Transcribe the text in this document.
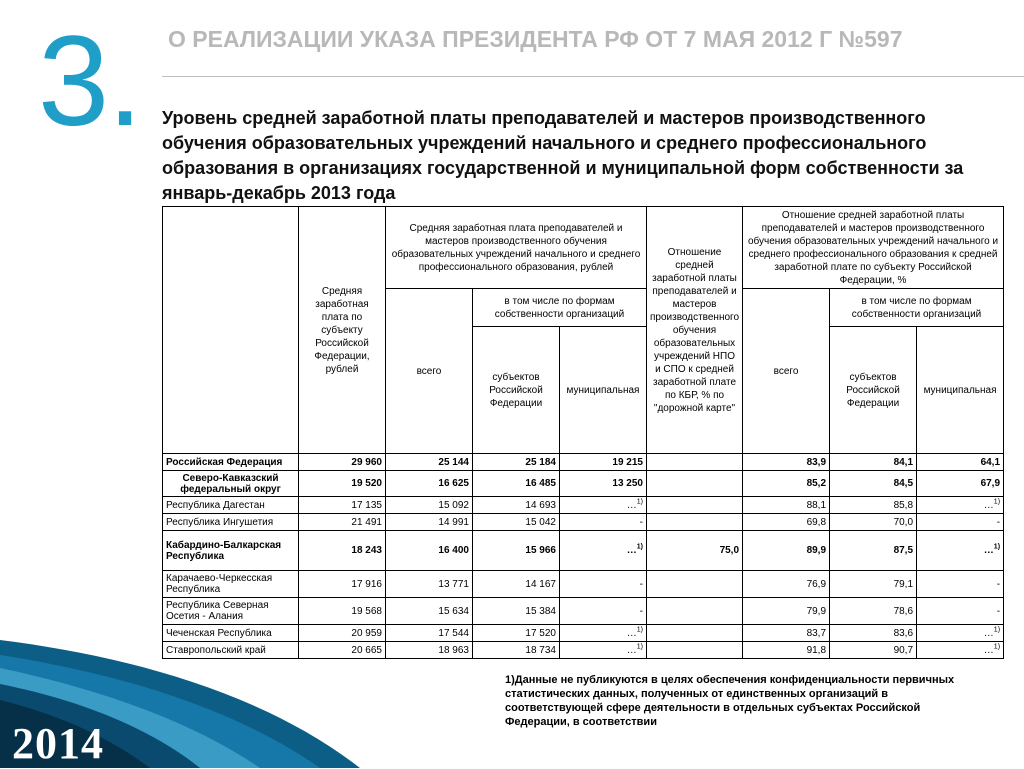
3. О РЕАЛИЗАЦИИ УКАЗА ПРЕЗИДЕНТА РФ ОТ 7 МАЯ 2012 Г №597
Уровень средней заработной платы преподавателей и мастеров производственного обучения образовательных учреждений начального и среднего профессионального образования в организациях государственной и муниципальной форм собственности за январь-декабрь 2013 года
	Средняя заработная плата по субъекту Российской Федерации, рублей	Средняя заработная плата преподавателей и мастеров производственного обучения образовательных учреждений начального и среднего профессионального образования, рублей			Отношение средней заработной платы преподавателей и мастеров производственного обучения образовательных учреждений НПО и СПО к средней заработной плате по КБР, % по "дорожной карте"	Отношение средней заработной платы преподавателей и мастеров производственного обучения образовательных учреждений начального и среднего профессионального образования к средней заработной плате по субъекту Российской Федерации, %		
		всего	в том числе по формам собственности организаций			всего	в том числе по формам собственности организаций	
			субъектов Российской Федерации	муниципальная			субъектов Российской Федерации	муниципальная

Российская Федерация	29 960	25 144	25 184	19 215		83,9	84,1	64,1
Северо-Кавказский федеральный округ	19 520	16 625	16 485	13 250		85,2	84,5	67,9
Республика Дагестан	17 135	15 092	14 693	…$^{1)}$		88,1	85,8	…$^{1)}$
Республика Ингушетия	21 491	14 991	15 042	-		69,8	70,0	-
Кабардино-Балкарская Республика	18 243	16 400	15 966	…$^{1)}$	75,0	89,9	87,5	…$^{1)}$
Карачаево-Черкесская Республика	17 916	13 771	14 167	-		76,9	79,1	-
Республика Северная Осетия - Алания	19 568	15 634	15 384	-		79,9	78,6	-
Чеченская Республика	20 959	17 544	17 520	…$^{1)}$		83,7	83,6	…$^{1)}$
Ставропольский край	20 665	18 963	18 734	…$^{1)}$		91,8	90,7	…$^{1)}$
1)Данные не публикуются в целях обеспечения конфиденциальности первичных статистических данных, полученных от единственных организаций в соответствующей сфере деятельности в отдельных субъектах Российской Федерации, в соответствии
2014
